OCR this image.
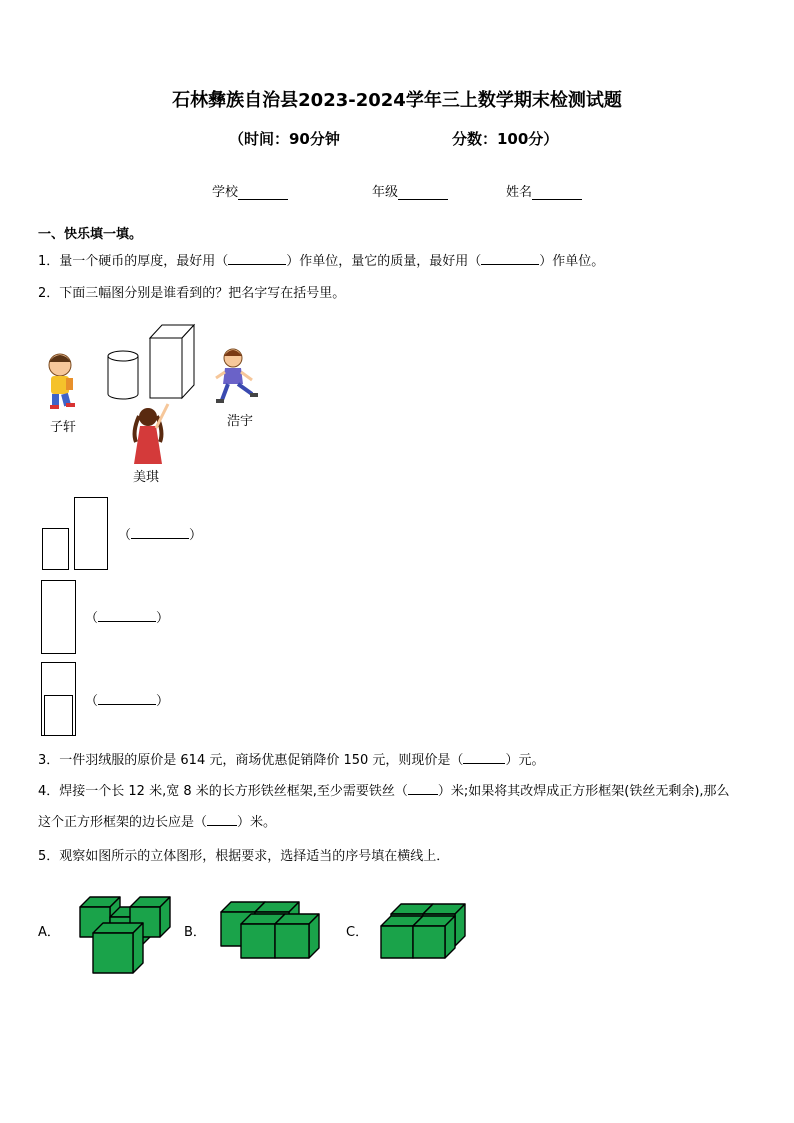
石林彝族自治县2023-2024学年三上数学期末检测试题
（时间：90分钟	分数：100分）
学校	年级	姓名
一、快乐填一填。
1．量一个硬币的厚度，最好用（	）作单位，量它的质量，最好用（	）作单位。
2．下面三幅图分别是谁看到的？把名字写在括号里。
子轩
美琪
浩宇
（	）
（	）
（	）
3．一件羽绒服的原价是 614 元，商场优惠促销降价 150 元，则现价是（	）元。
4．焊接一个长 12 米,宽 8 米的长方形铁丝框架,至少需要铁丝（ ）米;如果将其改焊成正方形框架(铁丝无剩余),那么
这个正方形框架的边长应是（ ）米。
5．观察如图所示的立体图形，根据要求，选择适当的序号填在横线上．
A．	B．	C．
